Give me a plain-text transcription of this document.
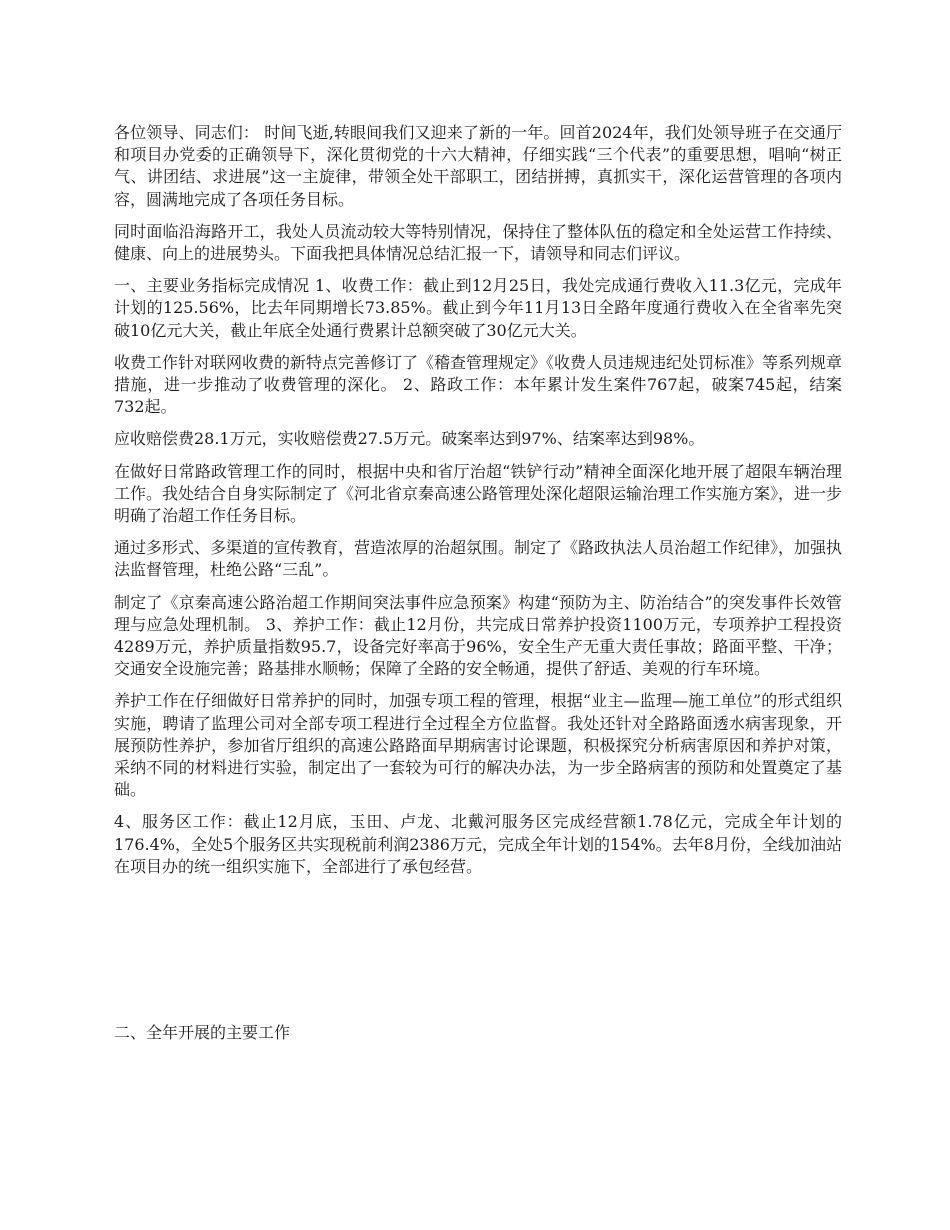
各位领导、同志们： 时间飞逝,转眼间我们又迎来了新的一年。回首2024年，我们处领导班子在交通厅和项目办党委的正确领导下，深化贯彻党的十六大精神，仔细实践“三个代表”的重要思想，唱响“树正气、讲团结、求进展”这一主旋律，带领全处干部职工，团结拼搏，真抓实干，深化运营管理的各项内容，圆满地完成了各项任务目标。

同时面临沿海路开工，我处人员流动较大等特别情况，保持住了整体队伍的稳定和全处运营工作持续、健康、向上的进展势头。下面我把具体情况总结汇报一下，请领导和同志们评议。

一、主要业务指标完成情况 1、收费工作：截止到12月25日，我处完成通行费收入11.3亿元，完成年计划的125.56%，比去年同期增长73.85%。截止到今年11月13日全路年度通行费收入在全省率先突破10亿元大关，截止年底全处通行费累计总额突破了30亿元大关。

收费工作针对联网收费的新特点完善修订了《稽查管理规定》《收费人员违规违纪处罚标准》等系列规章措施，进一步推动了收费管理的深化。 2、路政工作：本年累计发生案件767起，破案745起，结案732起。

应收赔偿费28.1万元，实收赔偿费27.5万元。破案率达到97%、结案率达到98%。

在做好日常路政管理工作的同时，根据中央和省厅治超“铁铲行动”精神全面深化地开展了超限车辆治理工作。我处结合自身实际制定了《河北省京秦高速公路管理处深化超限运输治理工作实施方案》，进一步明确了治超工作任务目标。

通过多形式、多渠道的宣传教育，营造浓厚的治超氛围。制定了《路政执法人员治超工作纪律》，加强执法监督管理，杜绝公路“三乱”。

制定了《京秦高速公路治超工作期间突法事件应急预案》构建“预防为主、防治结合”的突发事件长效管理与应急处理机制。 3、养护工作：截止12月份，共完成日常养护投资1100万元，专项养护工程投资4289万元，养护质量指数95.7，设备完好率高于96%，安全生产无重大责任事故；路面平整、干净；交通安全设施完善；路基排水顺畅；保障了全路的安全畅通，提供了舒适、美观的行车环境。

养护工作在仔细做好日常养护的同时，加强专项工程的管理，根据“业主—监理—施工单位”的形式组织实施，聘请了监理公司对全部专项工程进行全过程全方位监督。我处还针对全路路面透水病害现象，开展预防性养护，参加省厅组织的高速公路路面早期病害讨论课题，积极探究分析病害原因和养护对策，采纳不同的材料进行实验，制定出了一套较为可行的解决办法，为一步全路病害的预防和处置奠定了基础。

4、服务区工作：截止12月底，玉田、卢龙、北戴河服务区完成经营额1.78亿元，完成全年计划的176.4%，全处5个服务区共实现税前利润2386万元，完成全年计划的154%。去年8月份，全线加油站在项目办的统一组织实施下，全部进行了承包经营。

二、全年开展的主要工作
